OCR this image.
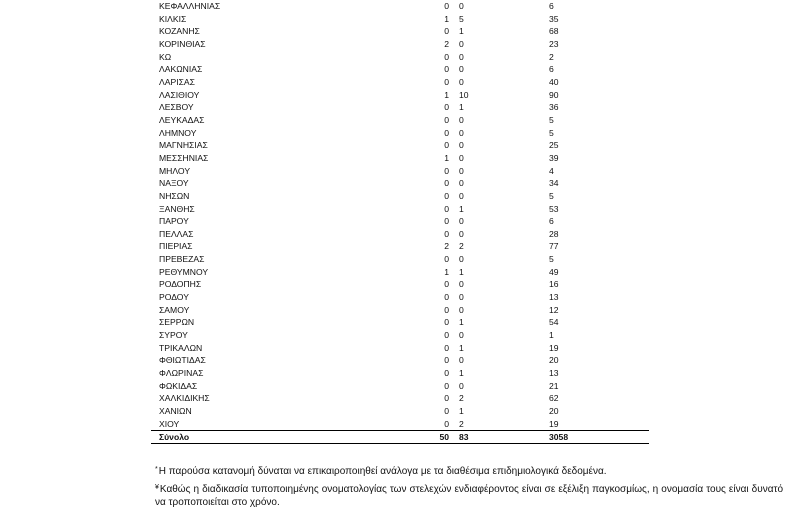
ΚΕΦΑΛΛΗΝΙΑΣ	0	0	6
ΚΙΛΚΙΣ	1	5	35
ΚΟΖΑΝΗΣ	0	1	68
ΚΟΡΙΝΘΙΑΣ	2	0	23
ΚΩ	0	0	2
ΛΑΚΩΝΙΑΣ	0	0	6
ΛΑΡΙΣΑΣ	0	0	40
ΛΑΣΙΘΙΟΥ	1	10	90
ΛΕΣΒΟΥ	0	1	36
ΛΕΥΚΑΔΑΣ	0	0	5
ΛΗΜΝΟΥ	0	0	5
ΜΑΓΝΗΣΙΑΣ	0	0	25
ΜΕΣΣΗΝΙΑΣ	1	0	39
ΜΗΛΟΥ	0	0	4
ΝΑΞΟΥ	0	0	34
ΝΗΣΩΝ	0	0	5
ΞΑΝΘΗΣ	0	1	53
ΠΑΡΟΥ	0	0	6
ΠΕΛΛΑΣ	0	0	28
ΠΙΕΡΙΑΣ	2	2	77
ΠΡΕΒΕΖΑΣ	0	0	5
ΡΕΘΥΜΝΟΥ	1	1	49
ΡΟΔΟΠΗΣ	0	0	16
ΡΟΔΟΥ	0	0	13
ΣΑΜΟΥ	0	0	12
ΣΕΡΡΩΝ	0	1	54
ΣΥΡΟΥ	0	0	1
ΤΡΙΚΑΛΩΝ	0	1	19
ΦΘΙΩΤΙΔΑΣ	0	0	20
ΦΛΩΡΙΝΑΣ	0	1	13
ΦΩΚΙΔΑΣ	0	0	21
ΧΑΛΚΙΔΙΚΗΣ	0	2	62
ΧΑΝΙΩΝ	0	1	20
ΧΙΟΥ	0	2	19
Σύνολο	50	83	3058

*Η παρούσα κατανομή δύναται να επικαιροποιηθεί ανάλογα με τα διαθέσιμα επιδημιολογικά δεδομένα.

¥Καθώς η διαδικασία τυποποιημένης ονοματολογίας των στελεχών ενδιαφέροντος είναι σε εξέλιξη παγκοσμίως, η ονομασία τους είναι δυνατό να τροποποιείται στο χρόνο.
